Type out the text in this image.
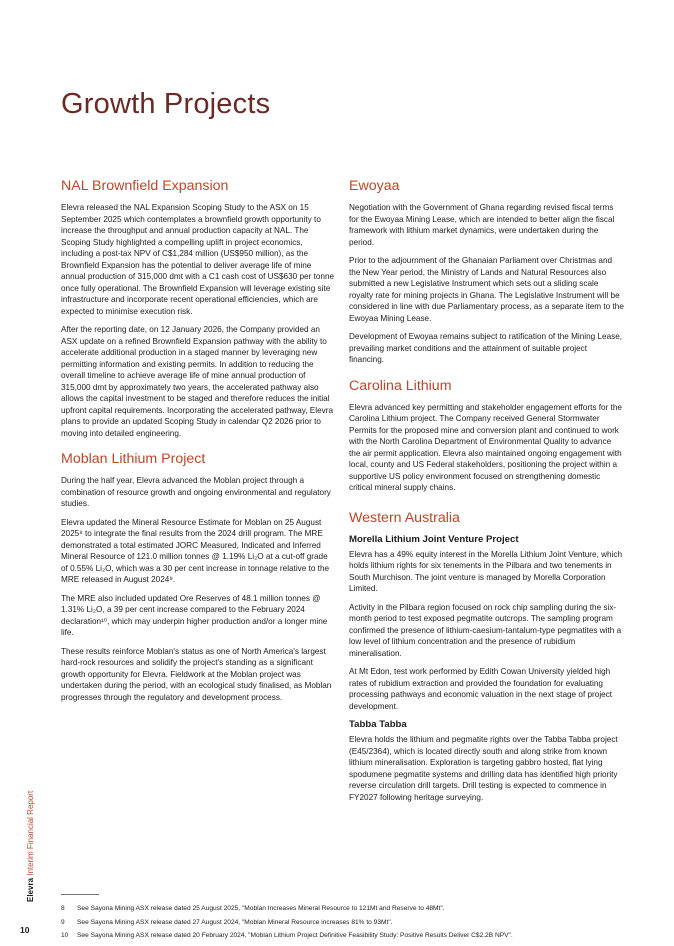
Growth Projects
NAL Brownfield Expansion

Elevra released the NAL Expansion Scoping Study to the ASX on 15 September 2025 which contemplates a brownfield growth opportunity to increase the throughput and annual production capacity at NAL. The Scoping Study highlighted a compelling uplift in project economics, including a post-tax NPV of C$1,284 million (US$950 million), as the Brownfield Expansion has the potential to deliver average life of mine annual production of 315,000 dmt with a C1 cash cost of US$630 per tonne once fully operational. The Brownfield Expansion will leverage existing site infrastructure and incorporate recent operational efficiencies, which are expected to minimise execution risk.

After the reporting date, on 12 January 2026, the Company provided an ASX update on a refined Brownfield Expansion pathway with the ability to accelerate additional production in a staged manner by leveraging new permitting information and existing permits. In addition to reducing the overall timeline to achieve average life of mine annual production of 315,000 dmt by approximately two years, the accelerated pathway also allows the capital investment to be staged and therefore reduces the initial upfront capital requirements. Incorporating the accelerated pathway, Elevra plans to provide an updated Scoping Study in calendar Q2 2026 prior to moving into detailed engineering.

Moblan Lithium Project

During the half year, Elevra advanced the Moblan project through a combination of resource growth and ongoing environmental and regulatory studies.

Elevra updated the Mineral Resource Estimate for Moblan on 25 August 2025⁸ to integrate the final results from the 2024 drill program. The MRE demonstrated a total estimated JORC Measured, Indicated and Inferred Mineral Resource of 121.0 million tonnes @ 1.19% Li₂O at a cut-off grade of 0.55% Li₂O, which was a 30 per cent increase in tonnage relative to the MRE released in August 2024⁹.

The MRE also included updated Ore Reserves of 48.1 million tonnes @ 1.31% Li₂O, a 39 per cent increase compared to the February 2024 declaration¹⁰, which may underpin higher production and/or a longer mine life.

These results reinforce Moblan's status as one of North America's largest hard-rock resources and solidify the project's standing as a significant growth opportunity for Elevra. Fieldwork at the Moblan project was undertaken during the period, with an ecological study finalised, as Moblan progresses through the regulatory and development process.

Ewoyaa

Negotiation with the Government of Ghana regarding revised fiscal terms for the Ewoyaa Mining Lease, which are intended to better align the fiscal framework with lithium market dynamics, were undertaken during the period.

Prior to the adjournment of the Ghanaian Parliament over Christmas and the New Year period, the Ministry of Lands and Natural Resources also submitted a new Legislative Instrument which sets out a sliding scale royalty rate for mining projects in Ghana. The Legislative Instrument will be considered in line with due Parliamentary process, as a separate item to the Ewoyaa Mining Lease.

Development of Ewoyaa remains subject to ratification of the Mining Lease, prevailing market conditions and the attainment of suitable project financing.

Carolina Lithium

Elevra advanced key permitting and stakeholder engagement efforts for the Carolina Lithium project. The Company received General Stormwater Permits for the proposed mine and conversion plant and continued to work with the North Carolina Department of Environmental Quality to advance the air permit application. Elevra also maintained ongoing engagement with local, county and US Federal stakeholders, positioning the project within a supportive US policy environment focused on strengthening domestic critical mineral supply chains.

Western Australia
Morella Lithium Joint Venture Project

Elevra has a 49% equity interest in the Morella Lithium Joint Venture, which holds lithium rights for six tenements in the Pilbara and two tenements in South Murchison. The joint venture is managed by Morella Corporation Limited.

Activity in the Pilbara region focused on rock chip sampling during the six-month period to test exposed pegmatite outcrops. The sampling program confirmed the presence of lithium-caesium-tantalum-type pegmatites with a low level of lithium concentration and the presence of rubidium mineralisation.

At Mt Edon, test work performed by Edith Cowan University yielded high rates of rubidium extraction and provided the foundation for evaluating processing pathways and economic valuation in the next stage of project development.

Tabba Tabba

Elevra holds the lithium and pegmatite rights over the Tabba Tabba project (E45/2364), which is located directly south and along strike from known lithium mineralisation. Exploration is targeting gabbro hosted, flat lying spodumene pegmatite systems and drilling data has identified high priority reverse circulation drill targets. Drill testing is expected to commence in FY2027 following heritage surveying.

8	See Sayona Mining ASX release dated 25 August 2025, "Moblan Increases Mineral Resource to 121Mt and Reserve to 48Mt".
9	See Sayona Mining ASX release dated 27 August 2024, "Moblan Mineral Resource increases 81% to 93Mt".
10	See Sayona Mining ASX release dated 20 February 2024, "Moblan Lithium Project Definitive Feasibility Study: Positive Results Deliver C$2.2B NPV".
Elevra Interim Financial Report
10
